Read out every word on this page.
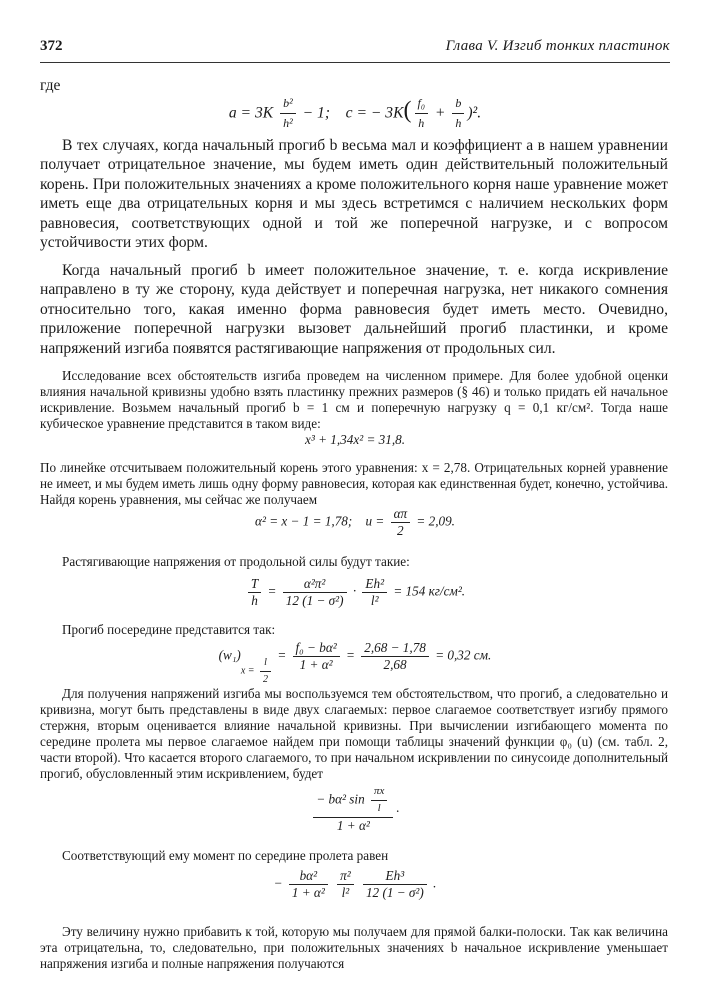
372	Глава V. Изгиб тонких пластинок
где
$a = 3K \frac{\text{b²}}{\text{h²}} - 1$; c = − $3K( \frac{\text{f₀}}{h} + \frac{b}{h} )^2$.
В тех случаях, когда начальный прогиб b весьма мал и коэффициент a в нашем уравнении получает отрицательное значение, мы будем иметь один действительный положительный корень. При положительных значениях a кроме положительного корня наше уравнение может иметь еще два отрицательных корня и мы здесь встретимся с наличием нескольких форм равновесия, соответствующих одной и той же поперечной нагрузке, и с вопросом устойчивости этих форм.
Когда начальный прогиб b имеет положительное значение, т. е. когда искривление направлено в ту же сторону, куда действует и поперечная нагрузка, нет никакого сомнения относительно того, какая именно форма равновесия будет иметь место. Очевидно, приложение поперечной нагрузки вызовет дальнейший прогиб пластинки, и кроме напряжений изгиба появятся растягивающие напряжения от продольных сил.
Исследование всех обстоятельств изгиба проведем на численном примере. Для более удобной оценки влияния начальной кривизны удобно взять пластинку прежних размеров (§ 46) и только придать ей начальное искривление. Возьмем начальный прогиб b = 1 см и поперечную нагрузку q = 0,1 кг/см². Тогда наше кубическое уравнение представится в таком виде:
x³ + 1,34x² = 31,8.
По линейке отсчитываем положительный корень этого уравнения: x = 2,78. Отрицательных корней уравнение не имеет, и мы будем иметь лишь одну форму равновесия, которая как единственная будет, конечно, устойчива. Найдя корень уравнения, мы сейчас же получаем
α² = x − 1 = 1,78; $u = \frac{\alpha\pi}{2} = 2,09$.
Растягивающие напряжения от продольной силы будут такие:
$\frac{T}{h} = \frac{\text{α²π²}}{\text{12 (1 − σ²)}} \cdot \frac{\text{Eh²}}{\text{l²}} = 154$ кг/см².
Прогиб посередине представится так:
$(w_1)x = \frac{l}{2} = \frac{\text{f₀ − bα²}}{\text{1 + α²}} = \frac{2,68 - 1,78}{2,68} = 0,32$ см.
Для получения напряжений изгиба мы воспользуемся тем обстоятельством, что прогиб, а следовательно и кривизна, могут быть представлены в виде двух слагаемых: первое слагаемое соответствует изгибу прямого стержня, вторым оценивается влияние начальной кривизны. При вычислении изгибающего момента по середине пролета мы первое слагаемое найдем при помощи таблицы значений функции φ₀ (u) (см. табл. 2, части второй). Что касается второго слагаемого, то при начальном искривлении по синусоиде дополнительный прогиб, обусловленный этим искривлением, будет
$\frac{- b\alpha^2 \sin \frac{\pi x}{l}}{\text{1 + α²}}$ .
Соответствующий ему момент по середине пролета равен
− $\frac{\text{bα²}}{\text{1 + α²}}$
$\frac{\text{π²}}{\text{l²}}$
$\frac{\text{Eh³}}{\text{12 (1 − σ²)}}$ .
Эту величину нужно прибавить к той, которую мы получаем для прямой балки-полоски. Так как величина эта отрицательна, то, следовательно, при положительных значениях b начальное искривление уменьшает напряжения изгиба и полные напряжения получаются
